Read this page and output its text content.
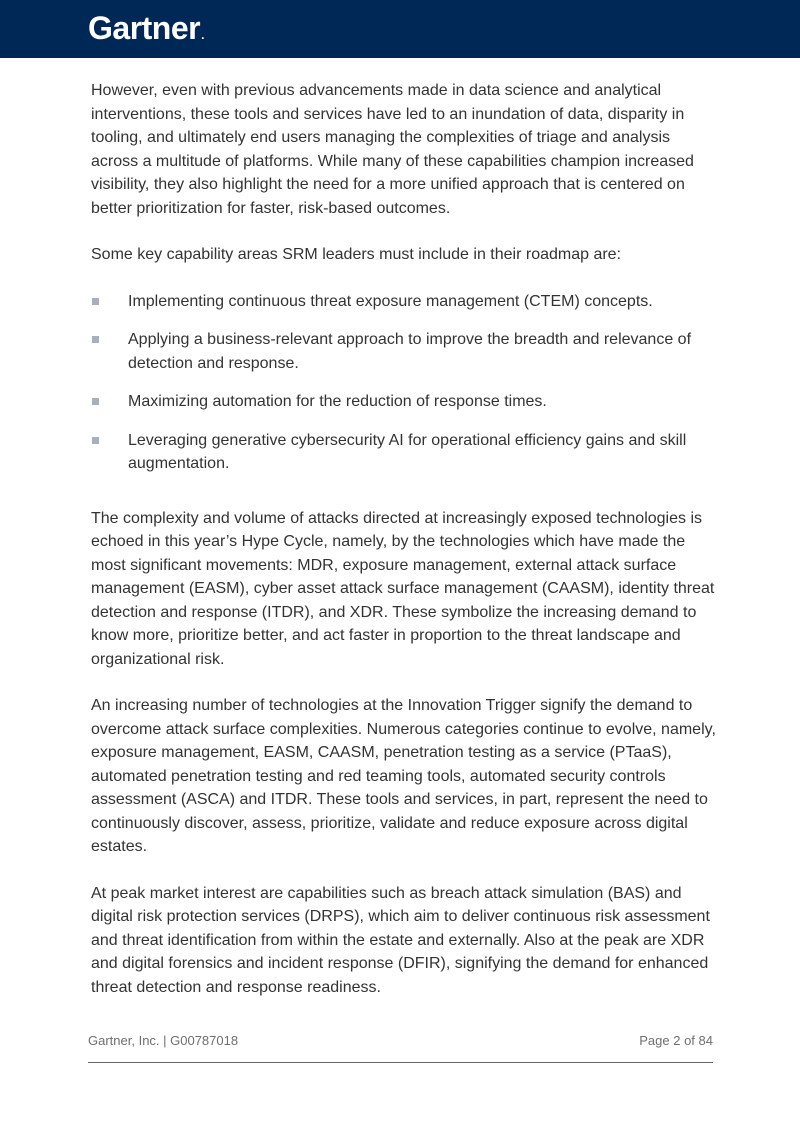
Gartner.

However, even with previous advancements made in data science and analytical interventions, these tools and services have led to an inundation of data, disparity in tooling, and ultimately end users managing the complexities of triage and analysis across a multitude of platforms. While many of these capabilities champion increased visibility, they also highlight the need for a more unified approach that is centered on better prioritization for faster, risk-based outcomes.

Some key capability areas SRM leaders must include in their roadmap are:

Implementing continuous threat exposure management (CTEM) concepts.
Applying a business-relevant approach to improve the breadth and relevance of detection and response.
Maximizing automation for the reduction of response times.
Leveraging generative cybersecurity AI for operational efficiency gains and skill augmentation.

The complexity and volume of attacks directed at increasingly exposed technologies is echoed in this year’s Hype Cycle, namely, by the technologies which have made the most significant movements: MDR, exposure management, external attack surface management (EASM), cyber asset attack surface management (CAASM), identity threat detection and response (ITDR), and XDR. These symbolize the increasing demand to know more, prioritize better, and act faster in proportion to the threat landscape and organizational risk.

An increasing number of technologies at the Innovation Trigger signify the demand to overcome attack surface complexities. Numerous categories continue to evolve, namely, exposure management, EASM, CAASM, penetration testing as a service (PTaaS), automated penetration testing and red teaming tools, automated security controls assessment (ASCA) and ITDR. These tools and services, in part, represent the need to continuously discover, assess, prioritize, validate and reduce exposure across digital estates.

At peak market interest are capabilities such as breach attack simulation (BAS) and digital risk protection services (DRPS), which aim to deliver continuous risk assessment and threat identification from within the estate and externally. Also at the peak are XDR and digital forensics and incident response (DFIR), signifying the demand for enhanced threat detection and response readiness.

Gartner, Inc. | G00787018	Page 2 of 84
